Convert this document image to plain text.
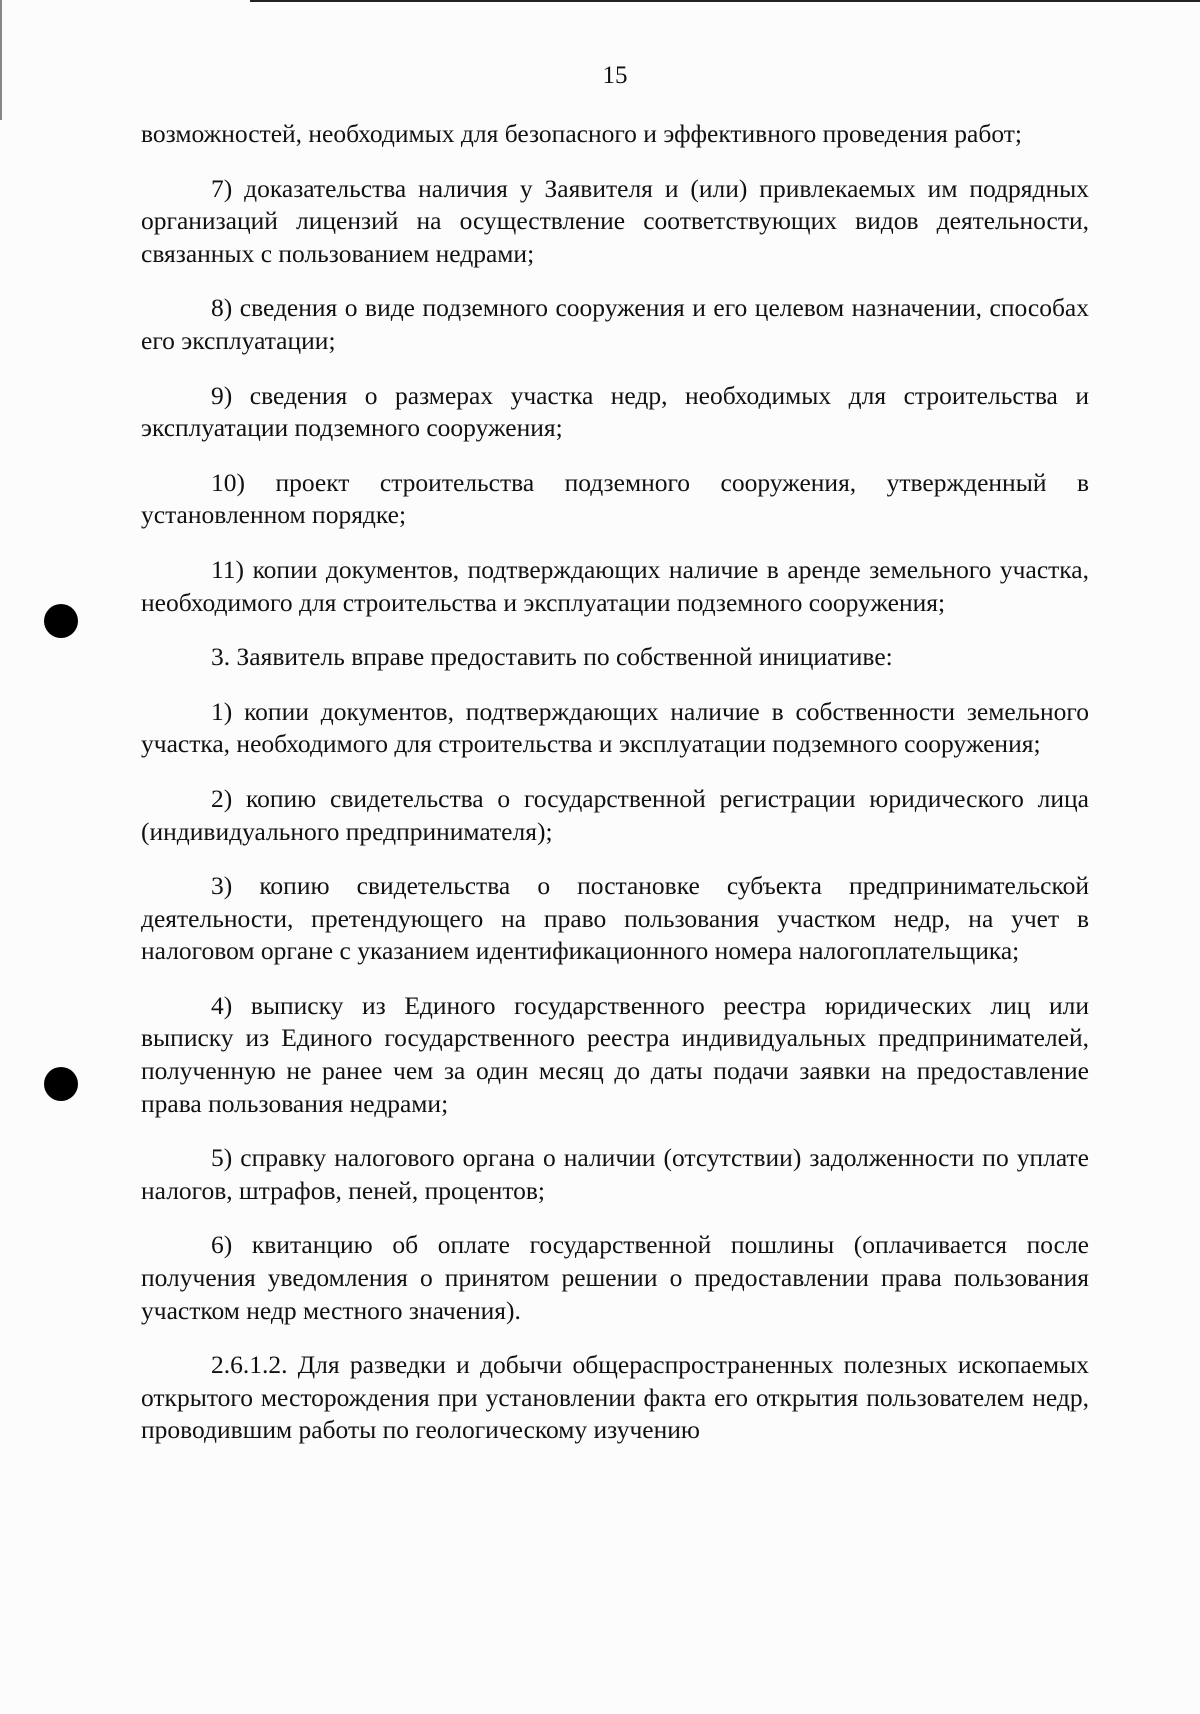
15

возможностей, необходимых для безопасного и эффективного проведения работ;

7) доказательства наличия у Заявителя и (или) привлекаемых им подрядных организаций лицензий на осуществление соответствующих видов деятельности, связанных с пользованием недрами;

8) сведения о виде подземного сооружения и его целевом назначении, способах его эксплуатации;

9) сведения о размерах участка недр, необходимых для строительства и эксплуатации подземного сооружения;

10) проект строительства подземного сооружения, утвержденный в установленном порядке;

11) копии документов, подтверждающих наличие в аренде земельного участка, необходимого для строительства и эксплуатации подземного сооружения;

3. Заявитель вправе предоставить по собственной инициативе:

1) копии документов, подтверждающих наличие в собственности земельного участка, необходимого для строительства и эксплуатации подземного сооружения;

2) копию свидетельства о государственной регистрации юридического лица (индивидуального предпринимателя);

3) копию свидетельства о постановке субъекта предпринимательской деятельности, претендующего на право пользования участком недр, на учет в налоговом органе с указанием идентификационного номера налогоплательщика;

4) выписку из Единого государственного реестра юридических лиц или выписку из Единого государственного реестра индивидуальных предпринимателей, полученную не ранее чем за один месяц до даты подачи заявки на предоставление права пользования недрами;

5) справку налогового органа о наличии (отсутствии) задолженности по уплате налогов, штрафов, пеней, процентов;

6) квитанцию об оплате государственной пошлины (оплачивается после получения уведомления о принятом решении о предоставлении права пользования участком недр местного значения).

2.6.1.2. Для разведки и добычи общераспространенных полезных ископаемых открытого месторождения при установлении факта его открытия пользователем недр, проводившим работы по геологическому изучению
